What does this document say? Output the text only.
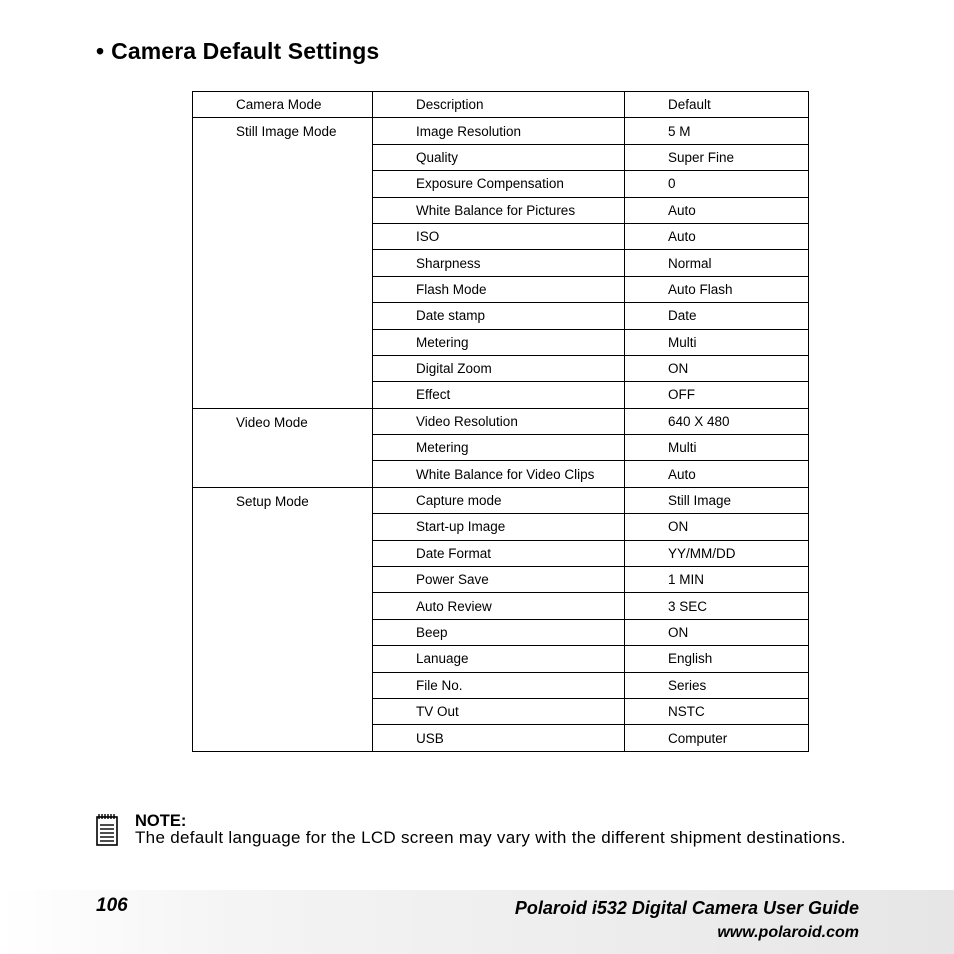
• Camera Default Settings
Camera Mode	Description	Default
Still Image Mode	Image Resolution	5 M
	Quality	Super Fine
	Exposure Compensation	0
	White Balance for Pictures	Auto
	ISO	Auto
	Sharpness	Normal
	Flash Mode	Auto Flash
	Date stamp	Date
	Metering	Multi
	Digital Zoom	ON
	Effect	OFF
Video Mode	Video Resolution	640 X 480
	Metering	Multi
	White Balance for Video Clips	Auto
Setup Mode	Capture mode	Still Image
	Start-up Image	ON
	Date Format	YY/MM/DD
	Power Save	1 MIN
	Auto Review	3 SEC
	Beep	ON
	Lanuage	English
	File No.	Series
	TV Out	NSTC
	USB	Computer
NOTE:
The default language for the LCD screen may vary with the different shipment destinations.
106	Polaroid i532 Digital Camera User Guide
www.polaroid.com
